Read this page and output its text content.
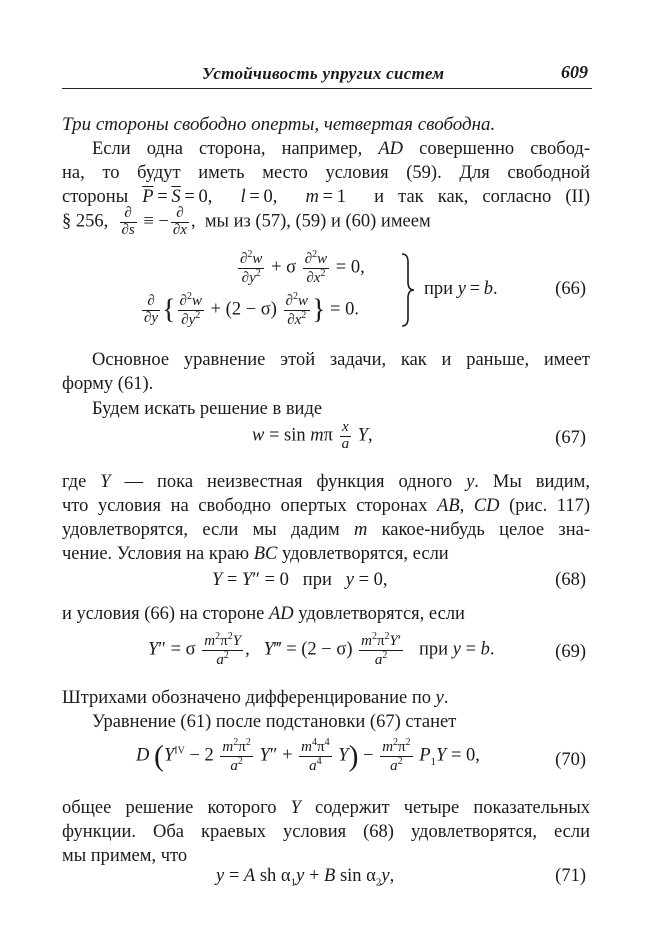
Устойчивость упругих систем	609
Три стороны свободно оперты, четвертая свободна.
Если одна сторона, например, AD совершенно свобод-
на, то будут иметь место условия (59). Для свободной
стороны $\overline{P} = \overline{S} = 0$,  l = 0,  m = 1  и так как, согласно (II)
§ 256, $\frac{\partial}{\partial s}$ ≡ − $\frac{\partial}{\partial x}$ ,  мы из (57), (59) и (60) имеем
$\frac{\partial^2w}{\partial y^2} + \sigma \frac{\partial^2w}{\partial x^2} = 0$,
$\frac{\partial}{\partial y}$ { $\frac{\partial^2w}{\partial y^2} + (2 - \sigma) \frac{\partial^2w}{\partial x^2}$ } = 0.
при y = b.	(66)
Основное уравнение этой задачи, как и раньше, имеет
форму (61).
Будем искать решение в виде
w = sin mπ $\frac{x}{a} Y$,	(67)
где Y — пока неизвестная функция одного y. Мы видим,
что условия на свободно опертых сторонах AB, CD (рис. 117)
удовлетворятся, если мы дадим m какое-нибудь целое зна-
чение. Условия на краю BC удовлетворятся, если
Y = Y″ = 0   при   y = 0,	(68)
и условия (66) на стороне AD удовлетворятся, если
Y″ = σ $\frac{m^2\pi^2Y}{a^2}$ ,   Y‴ = $(2 - \sigma) \frac{m^2\pi^2Y'}{a^2}$ при y = b.	(69)
Штрихами обозначено дифференцирование по y.
Уравнение (61) после подстановки (67) станет
D $(Y^{IV} - 2 \frac{m^2\pi^2}{a^2} Y'' + \frac{m^4\pi^4}{a^4} Y) - \frac{m^2\pi^2}{a^2} P_1Y = 0$,	(70)
общее решение которого Y содержит четыре показательных
функции. Оба краевых условия (68) удовлетворятся, если
мы примем, что
y = A sh $\alpha_1y + B$ $\sin \alpha_2y$,	(71)
